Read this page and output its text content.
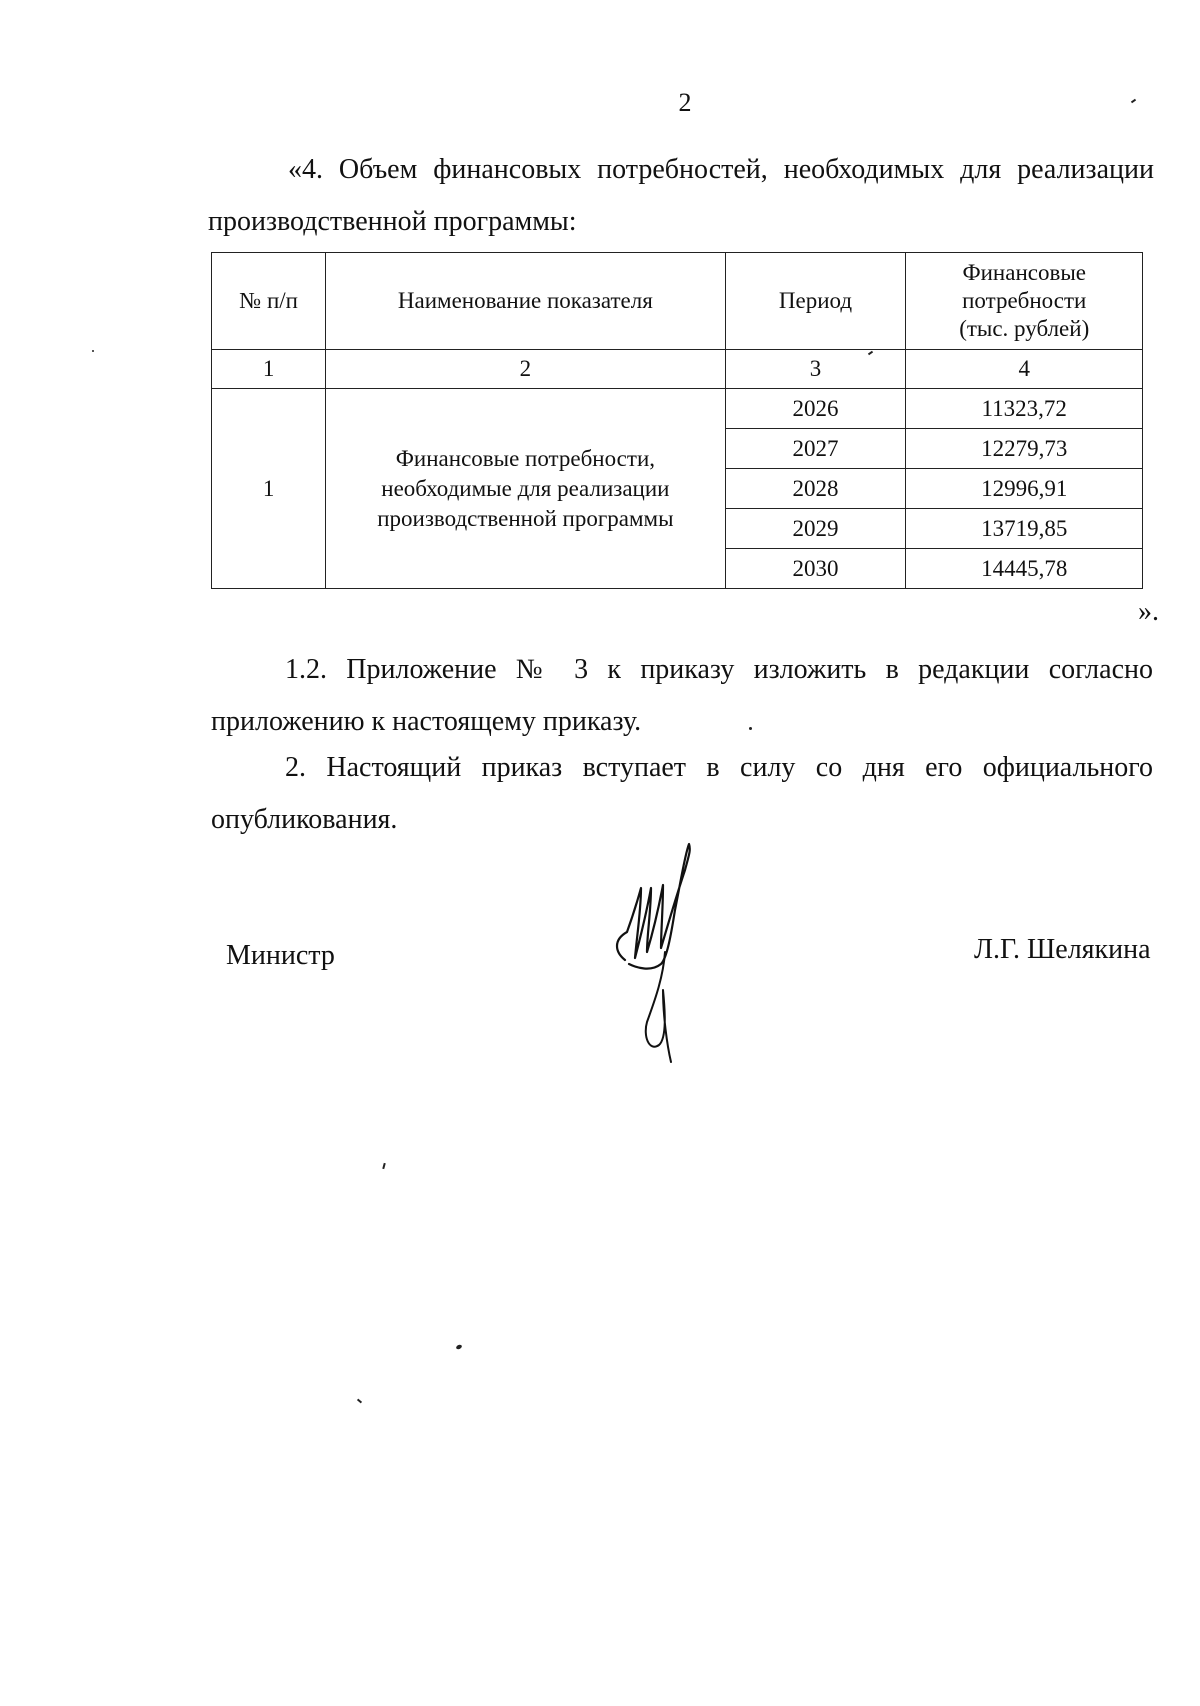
2
«4. Объем финансовых потребностей, необходимых для реализации
производственной программы:
№ п/п	Наименование показателя	Период	Финансовые
потребности
(тыс. рублей)
1	2	3	4
1	Финансовые потребности,
необходимые для реализации
производственной программы	2026	11323,72
		2027	12279,73
		2028	12996,91
		2029	13719,85
		2030	14445,78
».
1.2. Приложение № 3 к приказу изложить в редакции согласно
приложению к настоящему приказу.
2. Настоящий приказ вступает в силу со дня его официального
опубликования.
Министр	Л.Г. Шелякина
